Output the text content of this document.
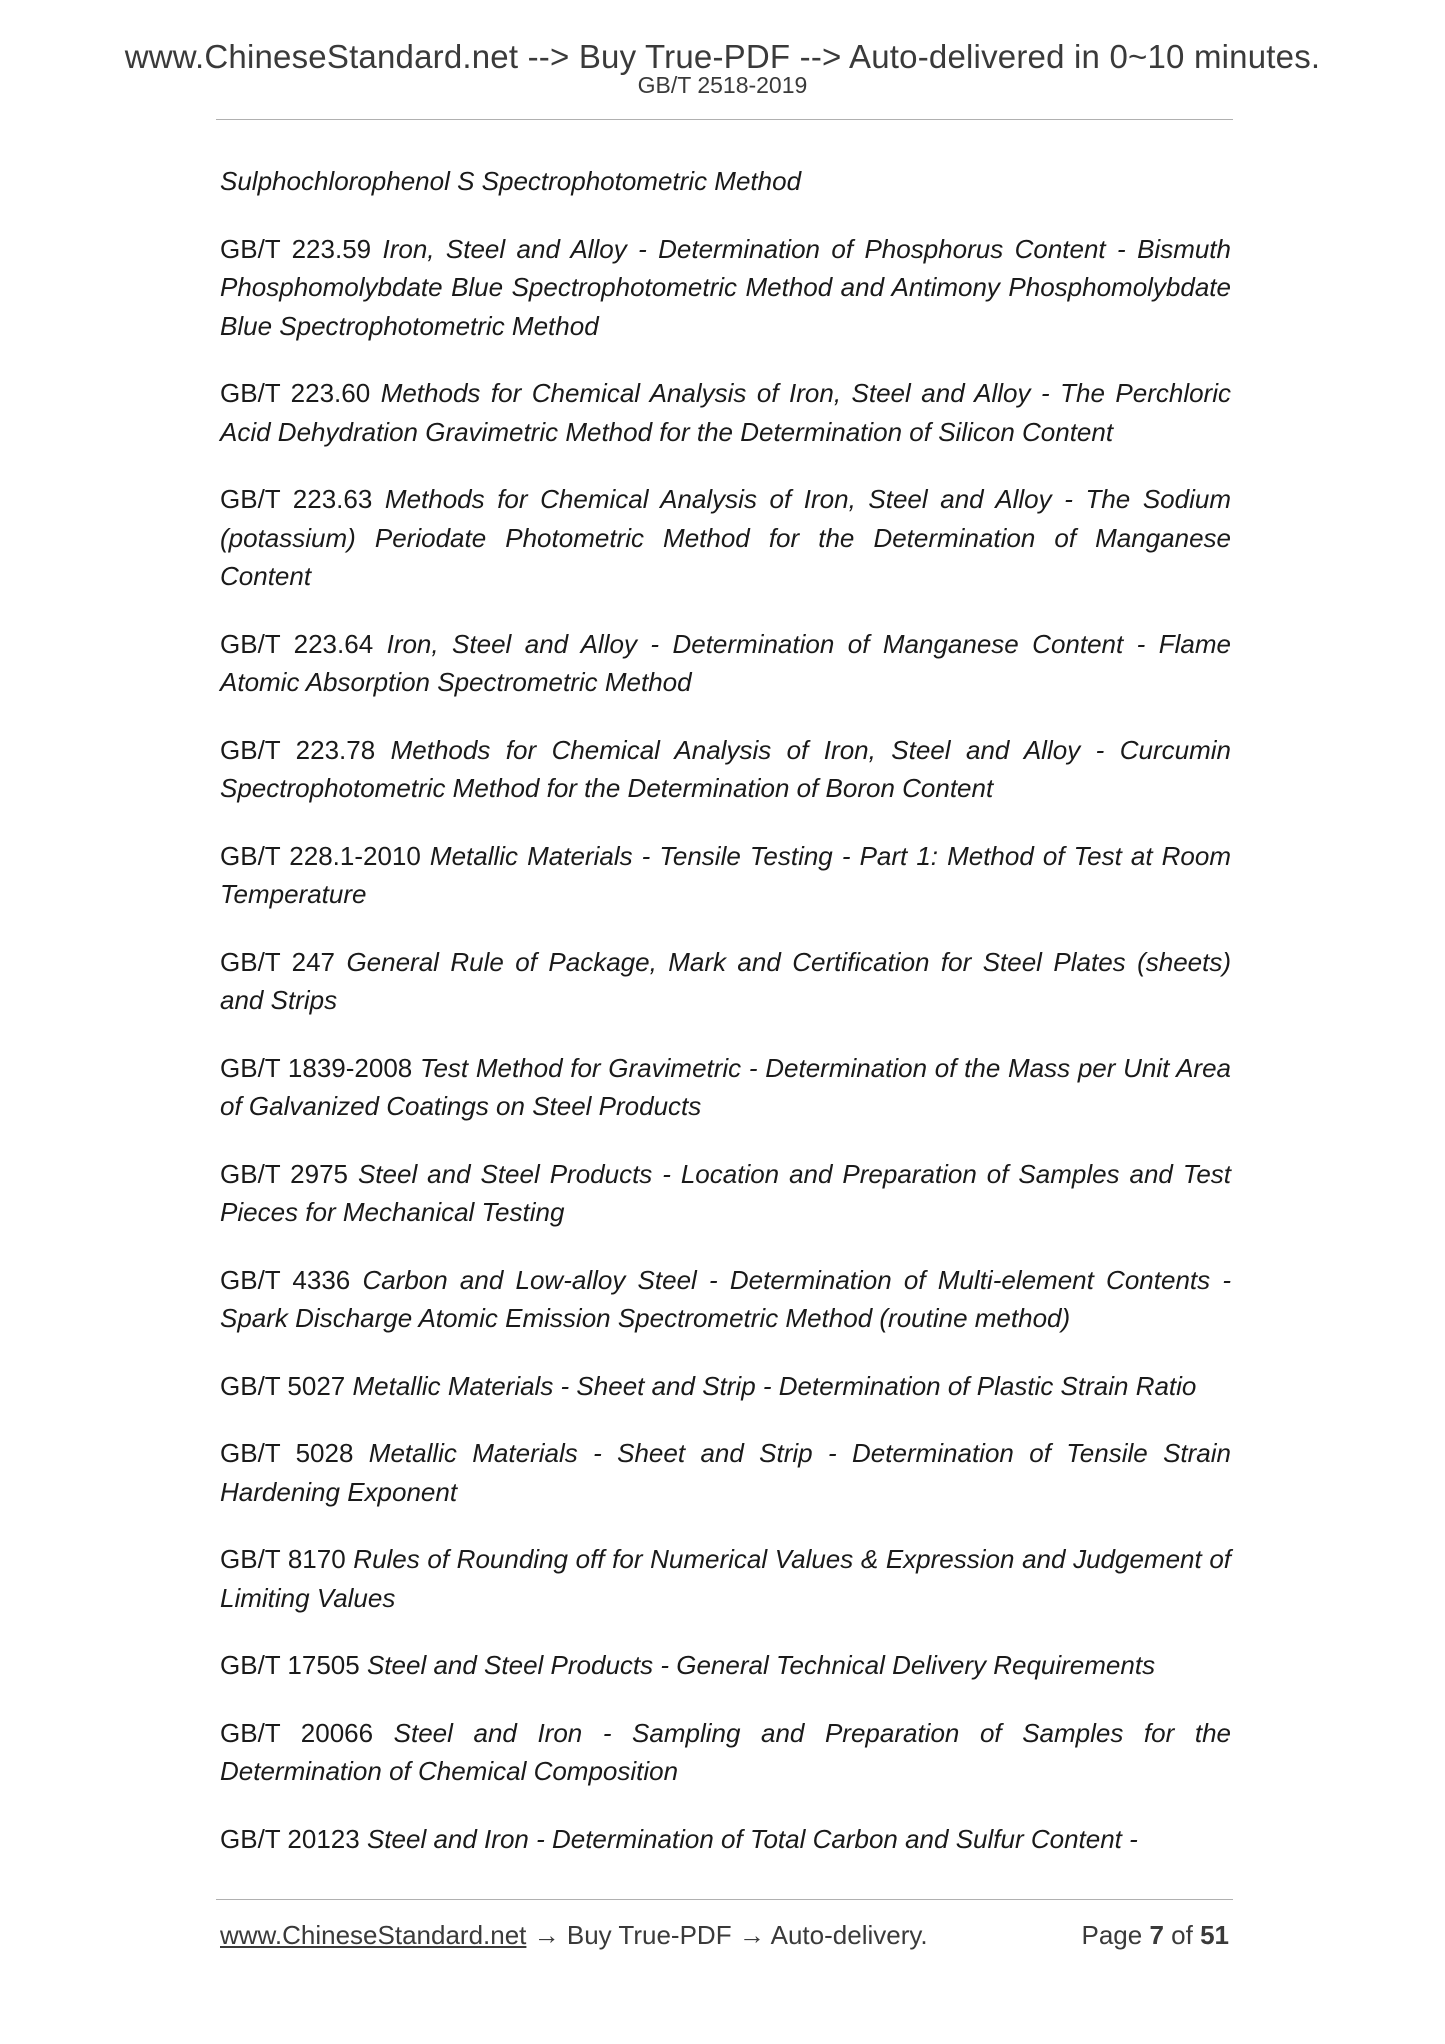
www.ChineseStandard.net --> Buy True-PDF --> Auto-delivered in 0~10 minutes.
GB/T 2518-2019
Sulphochlorophenol S Spectrophotometric Method
GB/T 223.59 Iron, Steel and Alloy - Determination of Phosphorus Content - Bismuth Phosphomolybdate Blue Spectrophotometric Method and Antimony Phosphomolybdate Blue Spectrophotometric Method
GB/T 223.60 Methods for Chemical Analysis of Iron, Steel and Alloy - The Perchloric Acid Dehydration Gravimetric Method for the Determination of Silicon Content
GB/T 223.63 Methods for Chemical Analysis of Iron, Steel and Alloy - The Sodium (potassium) Periodate Photometric Method for the Determination of Manganese Content
GB/T 223.64 Iron, Steel and Alloy - Determination of Manganese Content - Flame Atomic Absorption Spectrometric Method
GB/T 223.78 Methods for Chemical Analysis of Iron, Steel and Alloy - Curcumin Spectrophotometric Method for the Determination of Boron Content
GB/T 228.1-2010 Metallic Materials - Tensile Testing - Part 1: Method of Test at Room Temperature
GB/T 247 General Rule of Package, Mark and Certification for Steel Plates (sheets) and Strips
GB/T 1839-2008 Test Method for Gravimetric - Determination of the Mass per Unit Area of Galvanized Coatings on Steel Products
GB/T 2975 Steel and Steel Products - Location and Preparation of Samples and Test Pieces for Mechanical Testing
GB/T 4336 Carbon and Low-alloy Steel - Determination of Multi-element Contents - Spark Discharge Atomic Emission Spectrometric Method (routine method)
GB/T 5027 Metallic Materials - Sheet and Strip - Determination of Plastic Strain Ratio
GB/T 5028 Metallic Materials - Sheet and Strip - Determination of Tensile Strain Hardening Exponent
GB/T 8170 Rules of Rounding off for Numerical Values & Expression and Judgement of Limiting Values
GB/T 17505 Steel and Steel Products - General Technical Delivery Requirements
GB/T 20066 Steel and Iron - Sampling and Preparation of Samples for the Determination of Chemical Composition
GB/T 20123 Steel and Iron - Determination of Total Carbon and Sulfur Content -
www.ChineseStandard.net → Buy True-PDF → Auto-delivery.	Page 7 of 51
